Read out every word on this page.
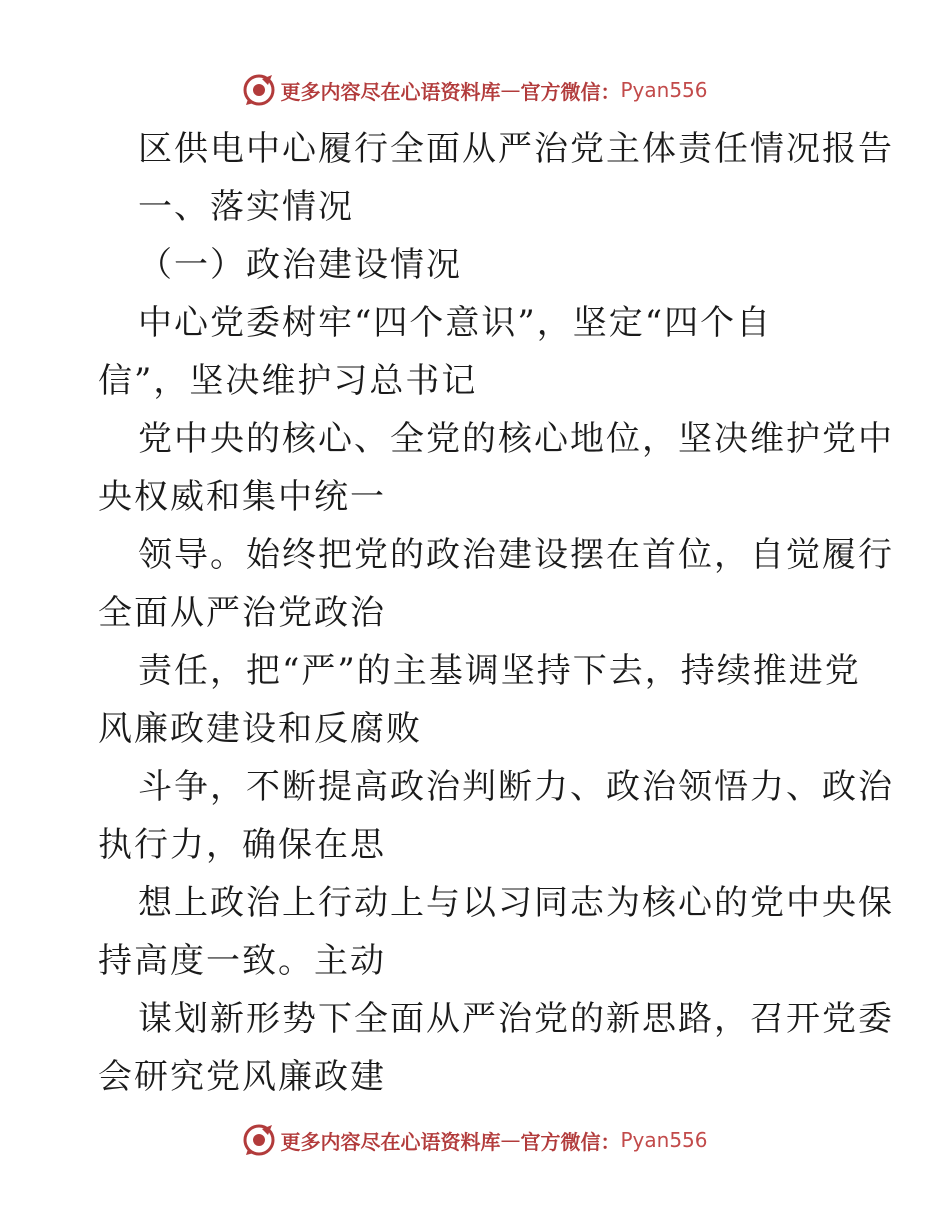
更多内容尽在心语资料库 — 官方微信： Pyan556
区供电中心履行全面从严治党主体责任情况报告
一、落实情况
（一）政治建设情况
中心党委树牢“四个意识”，坚定“四个自
信”，坚决维护习总书记
党中央的核心、全党的核心地位，坚决维护党中
央权威和集中统一
领导。始终把党的政治建设摆在首位，自觉履行
全面从严治党政治
责任，把“严”的主基调坚持下去，持续推进党
风廉政建设和反腐败
斗争，不断提高政治判断力、政治领悟力、政治
执行力，确保在思
想上政治上行动上与以习同志为核心的党中央保
持高度一致。主动
谋划新形势下全面从严治党的新思路，召开党委
会研究党风廉政建
更多内容尽在心语资料库 — 官方微信： Pyan556
